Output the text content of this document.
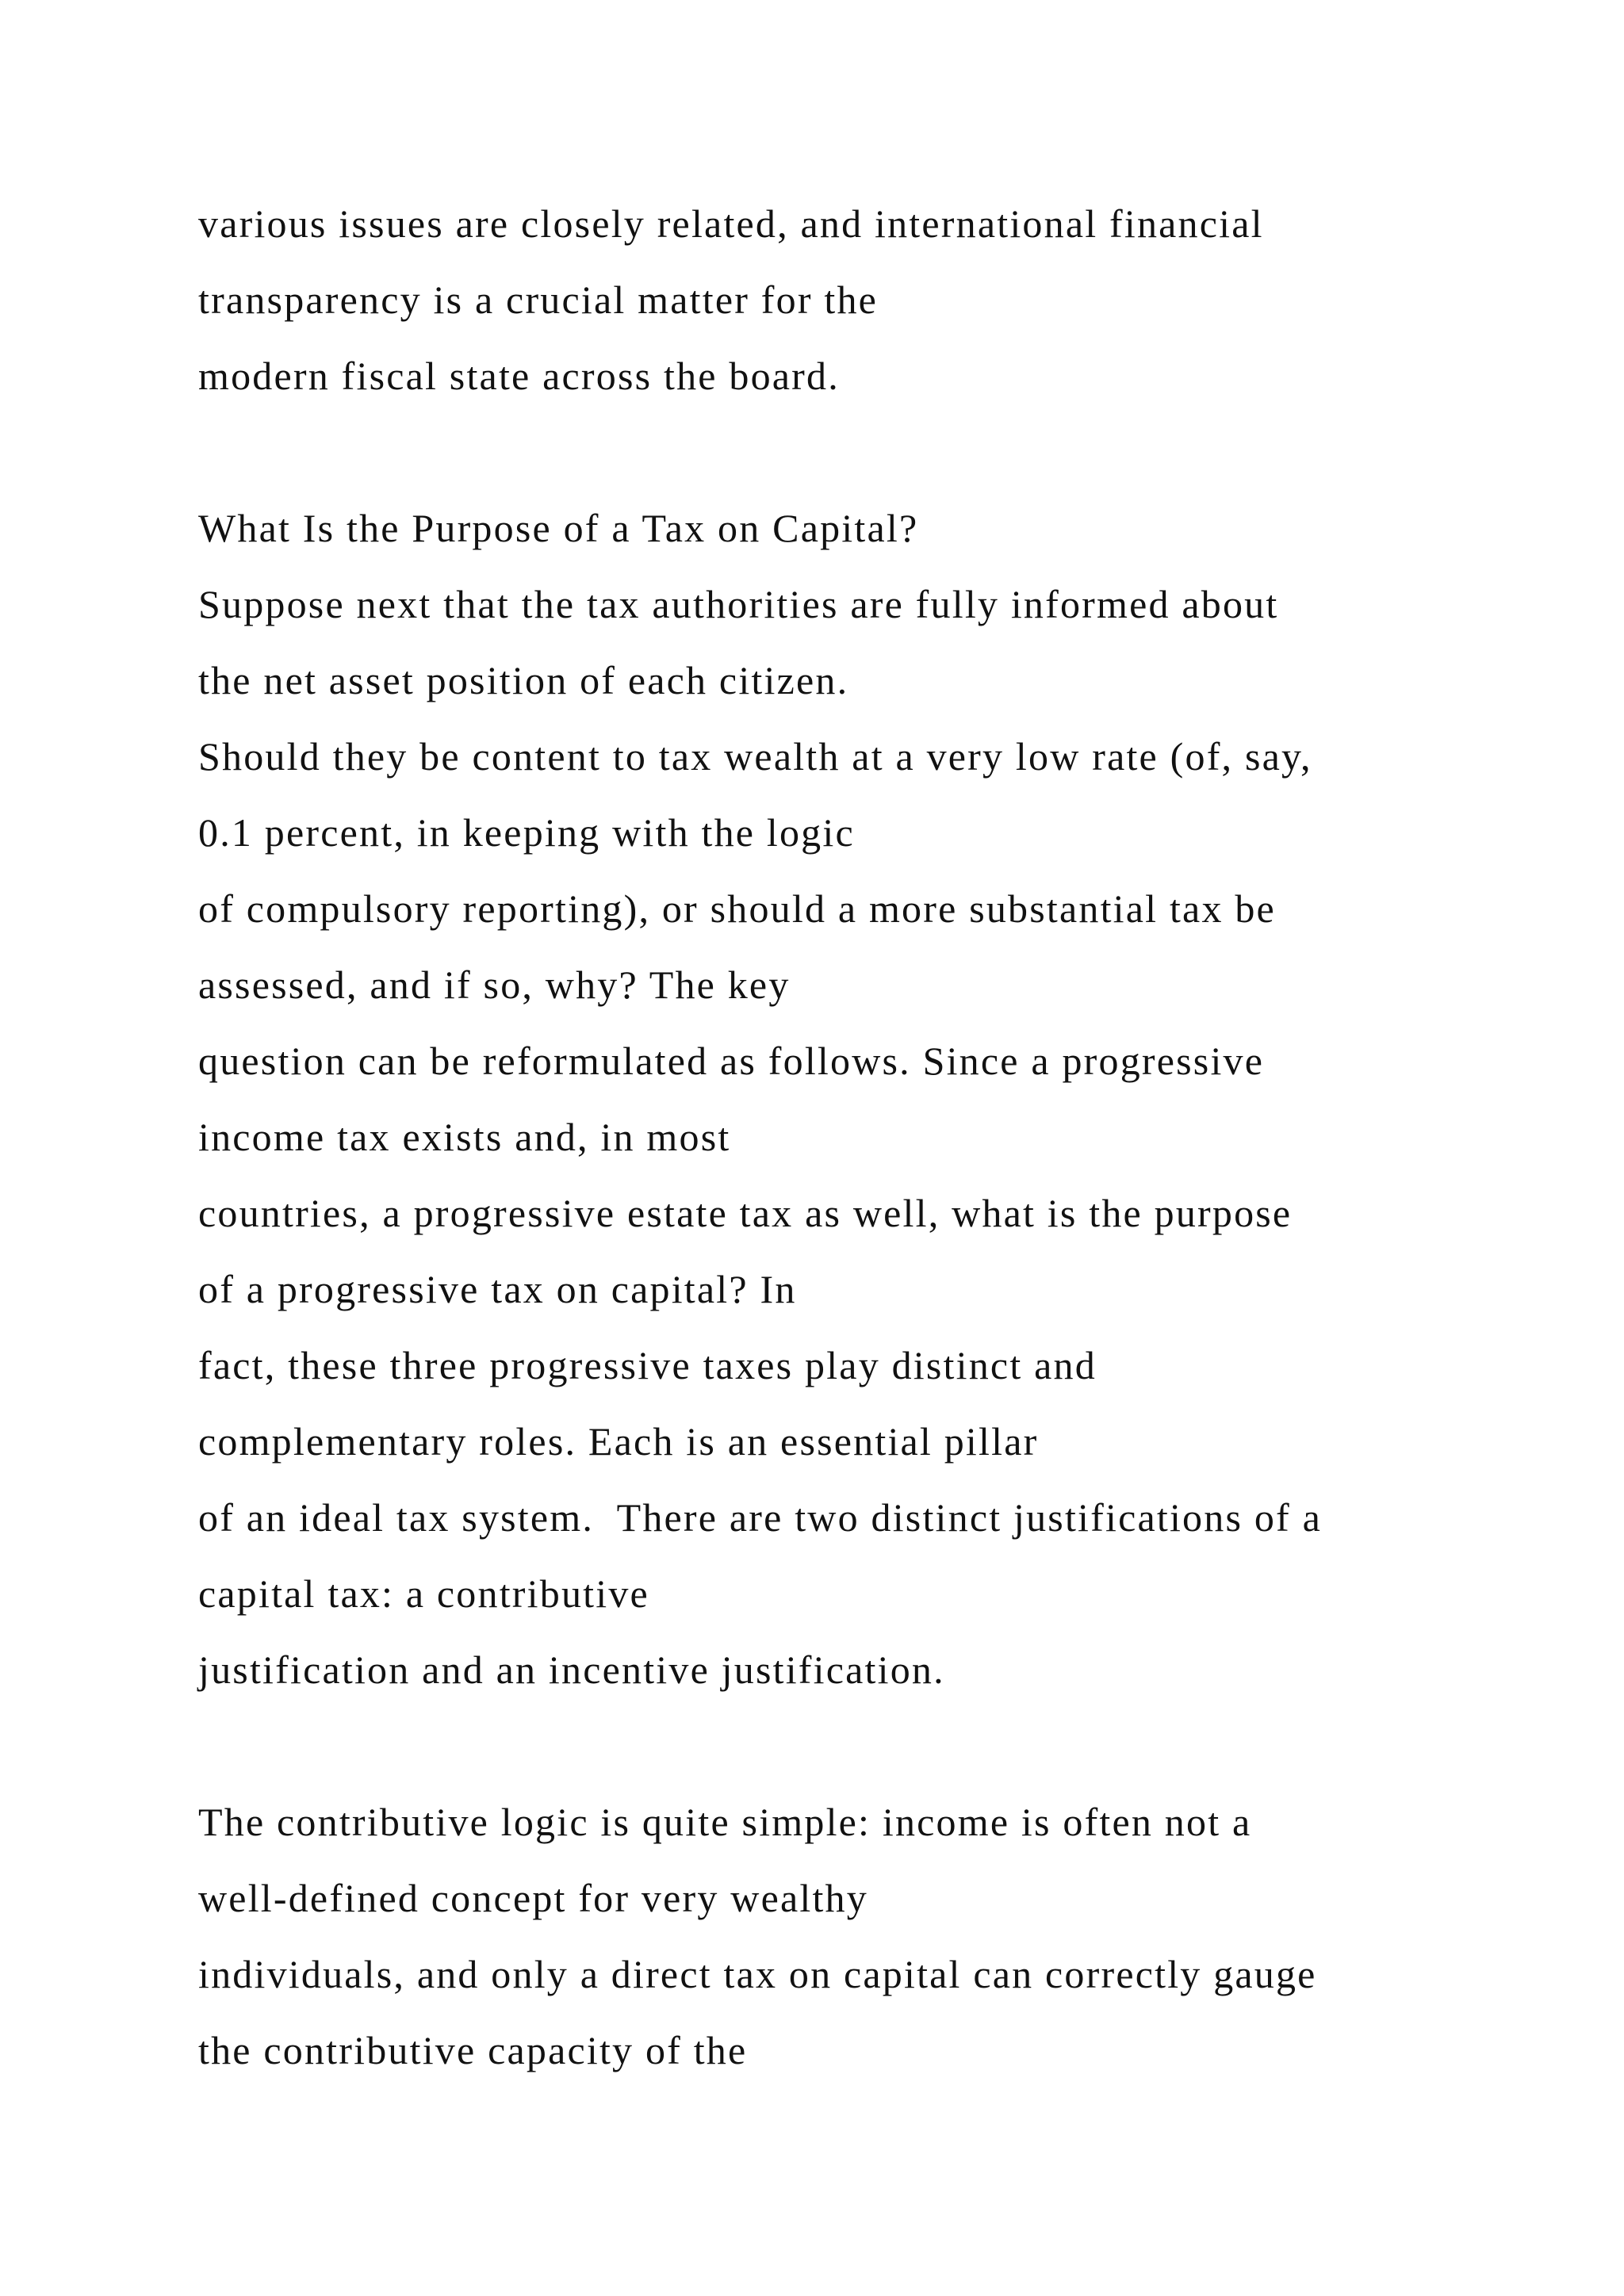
various issues are closely related, and international financial

transparency is a crucial matter for the

modern fiscal state across the board.

What Is the Purpose of a Tax on Capital?

Suppose next that the tax authorities are fully informed about

the net asset position of each citizen.

Should they be content to tax wealth at a very low rate (of, say,

0.1 percent, in keeping with the logic

of compulsory reporting), or should a more substantial tax be

assessed, and if so, why? The key

question can be reformulated as follows. Since a progressive

income tax exists and, in most

countries, a progressive estate tax as well, what is the purpose

of a progressive tax on capital? In

fact, these three progressive taxes play distinct and

complementary roles. Each is an essential pillar

of an ideal tax system.  There are two distinct justifications of a

capital tax: a contributive

justification and an incentive justification.

The contributive logic is quite simple: income is often not a

well-defined concept for very wealthy

individuals, and only a direct tax on capital can correctly gauge

the contributive capacity of the
